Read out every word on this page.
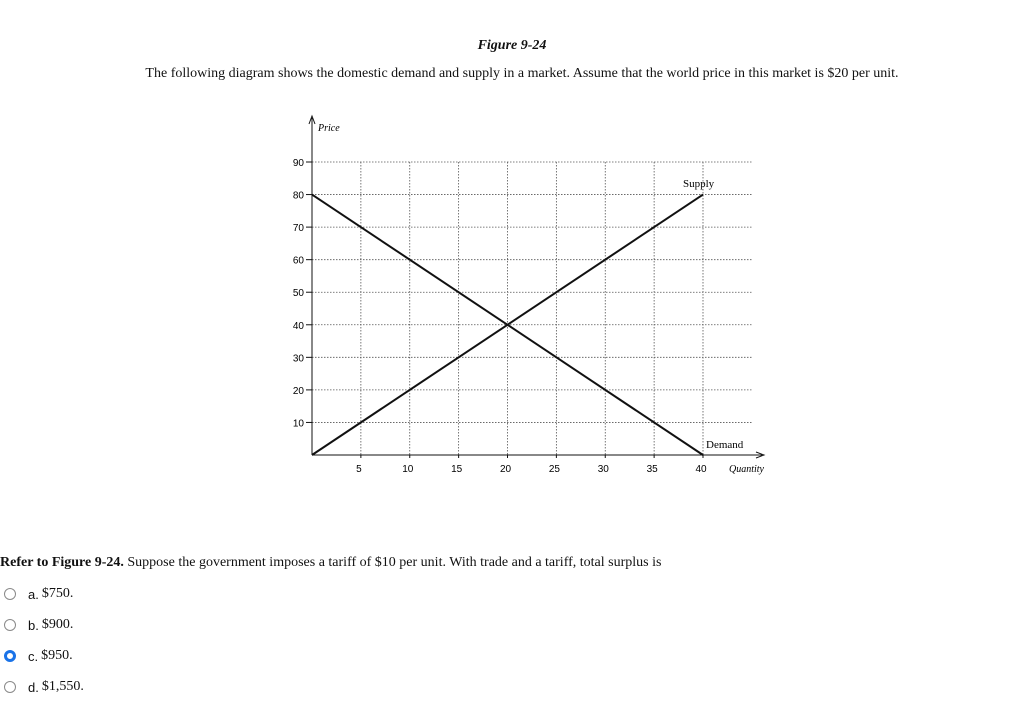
Figure 9-24
The following diagram shows the domestic demand and supply in a market. Assume that the world price in this market is $20 per unit.
10
20
30
40
50
60
70
80
90
5	10	15	20	25	30	35	40
Price
Quantity
Supply
Demand
Refer to Figure 9-24. Suppose the government imposes a tariff of $10 per unit. With trade and a tariff, total surplus is
a. $750.
b. $900.
c. $950.
d. $1,550.
